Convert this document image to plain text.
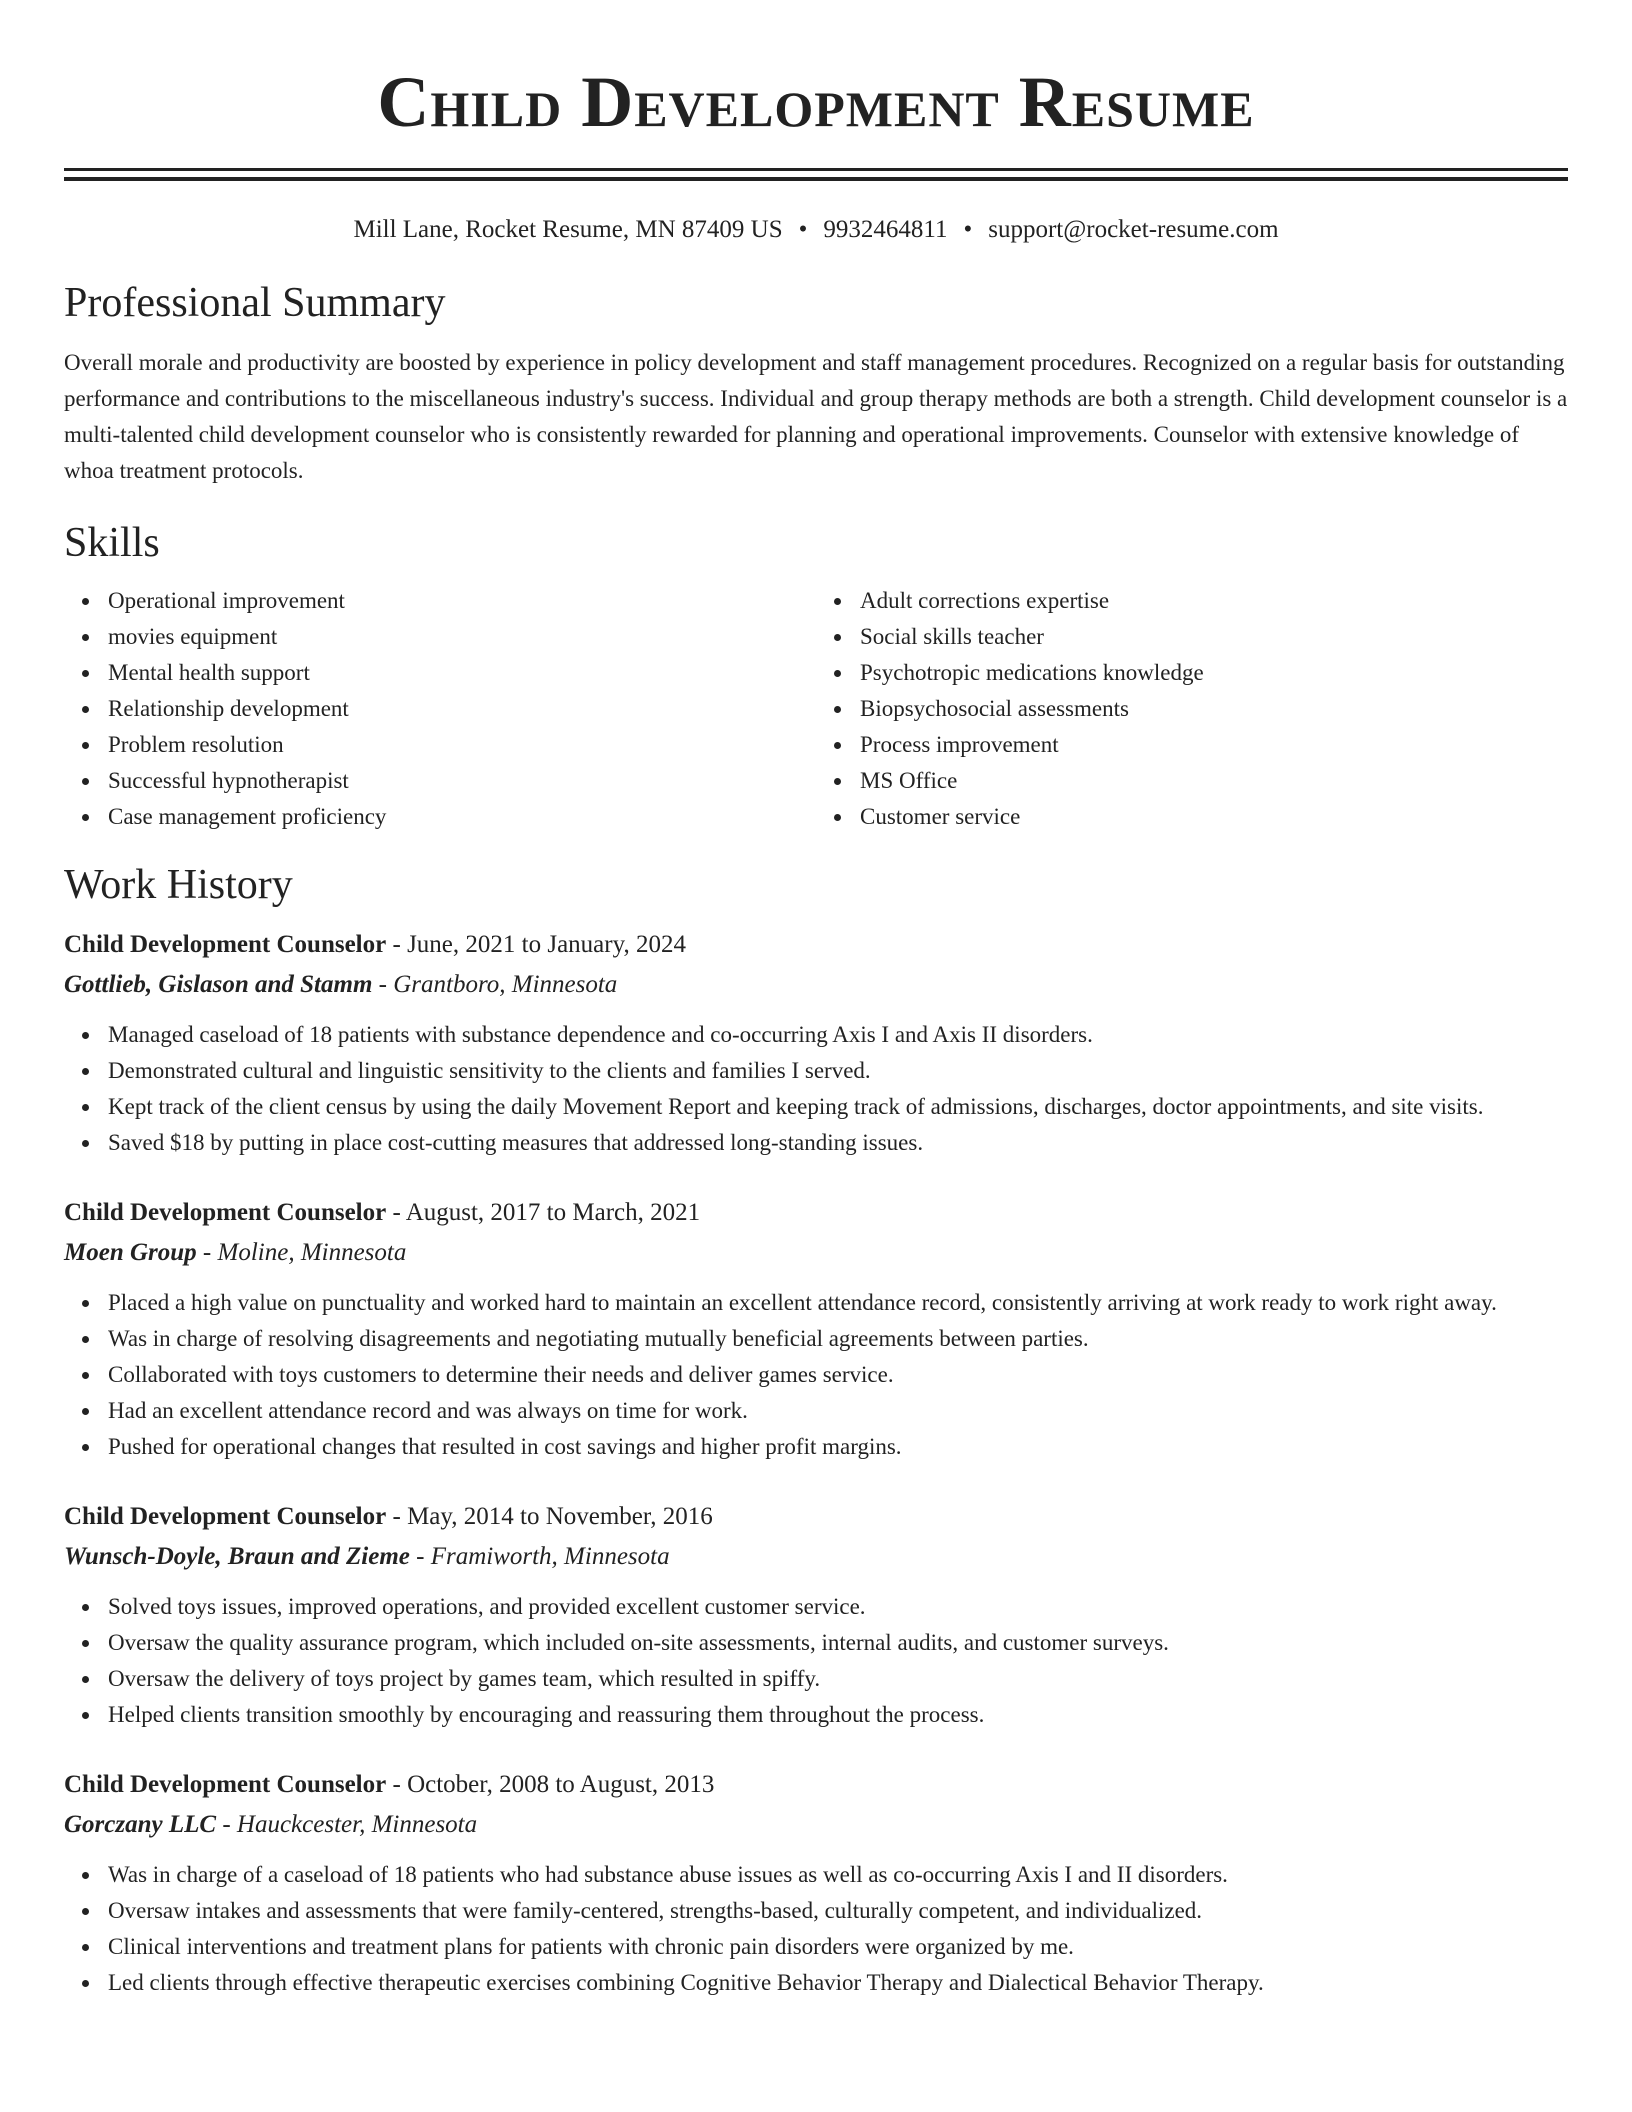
Child Development Resume
Mill Lane, Rocket Resume, MN 87409 US • 9932464811 • support@rocket-resume.com
Professional Summary

Overall morale and productivity are boosted by experience in policy development and staff management procedures. Recognized on a regular basis for outstanding performance and contributions to the miscellaneous industry's success. Individual and group therapy methods are both a strength. Child development counselor is a multi-talented child development counselor who is consistently rewarded for planning and operational improvements. Counselor with extensive knowledge of whoa treatment protocols.

Skills
Operational improvement
movies equipment
Mental health support
Relationship development
Problem resolution
Successful hypnotherapist
Case management proficiency
Adult corrections expertise
Social skills teacher
Psychotropic medications knowledge
Biopsychosocial assessments
Process improvement
MS Office
Customer service
Work History
Child Development Counselor - June, 2021 to January, 2024
Gottlieb, Gislason and Stamm - Grantboro, Minnesota
Managed caseload of 18 patients with substance dependence and co-occurring Axis I and Axis II disorders.
Demonstrated cultural and linguistic sensitivity to the clients and families I served.
Kept track of the client census by using the daily Movement Report and keeping track of admissions, discharges, doctor appointments, and site visits.
Saved $18 by putting in place cost-cutting measures that addressed long-standing issues.
Child Development Counselor - August, 2017 to March, 2021
Moen Group - Moline, Minnesota
Placed a high value on punctuality and worked hard to maintain an excellent attendance record, consistently arriving at work ready to work right away.
Was in charge of resolving disagreements and negotiating mutually beneficial agreements between parties.
Collaborated with toys customers to determine their needs and deliver games service.
Had an excellent attendance record and was always on time for work.
Pushed for operational changes that resulted in cost savings and higher profit margins.
Child Development Counselor - May, 2014 to November, 2016
Wunsch-Doyle, Braun and Zieme - Framiworth, Minnesota
Solved toys issues, improved operations, and provided excellent customer service.
Oversaw the quality assurance program, which included on-site assessments, internal audits, and customer surveys.
Oversaw the delivery of toys project by games team, which resulted in spiffy.
Helped clients transition smoothly by encouraging and reassuring them throughout the process.
Child Development Counselor - October, 2008 to August, 2013
Gorczany LLC - Hauckcester, Minnesota
Was in charge of a caseload of 18 patients who had substance abuse issues as well as co-occurring Axis I and II disorders.
Oversaw intakes and assessments that were family-centered, strengths-based, culturally competent, and individualized.
Clinical interventions and treatment plans for patients with chronic pain disorders were organized by me.
Led clients through effective therapeutic exercises combining Cognitive Behavior Therapy and Dialectical Behavior Therapy.
